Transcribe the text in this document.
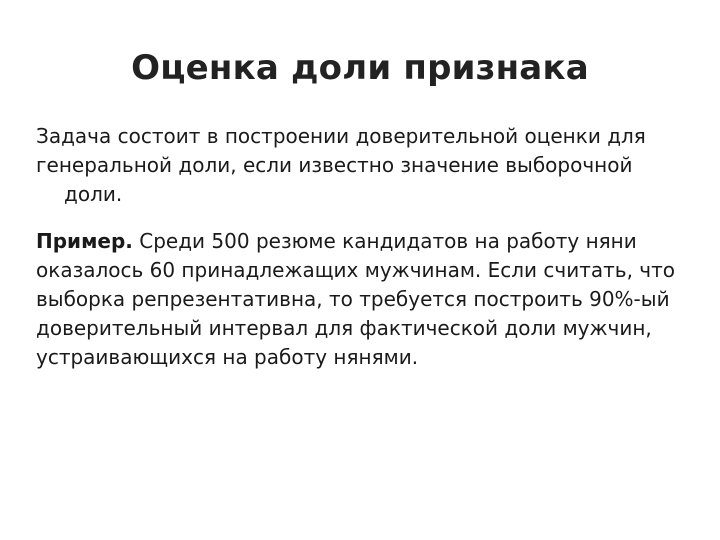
Оценка доли признака

Задача состоит в построении доверительной оценки для
генеральной доли, если известно значение выборочной
доли.

Пример. Среди 500 резюме кандидатов на работу няни
оказалось 60 принадлежащих мужчинам. Если считать, что
выборка репрезентативна, то требуется построить 90%-ый
доверительный интервал для фактической доли мужчин,
устраивающихся на работу нянями.
